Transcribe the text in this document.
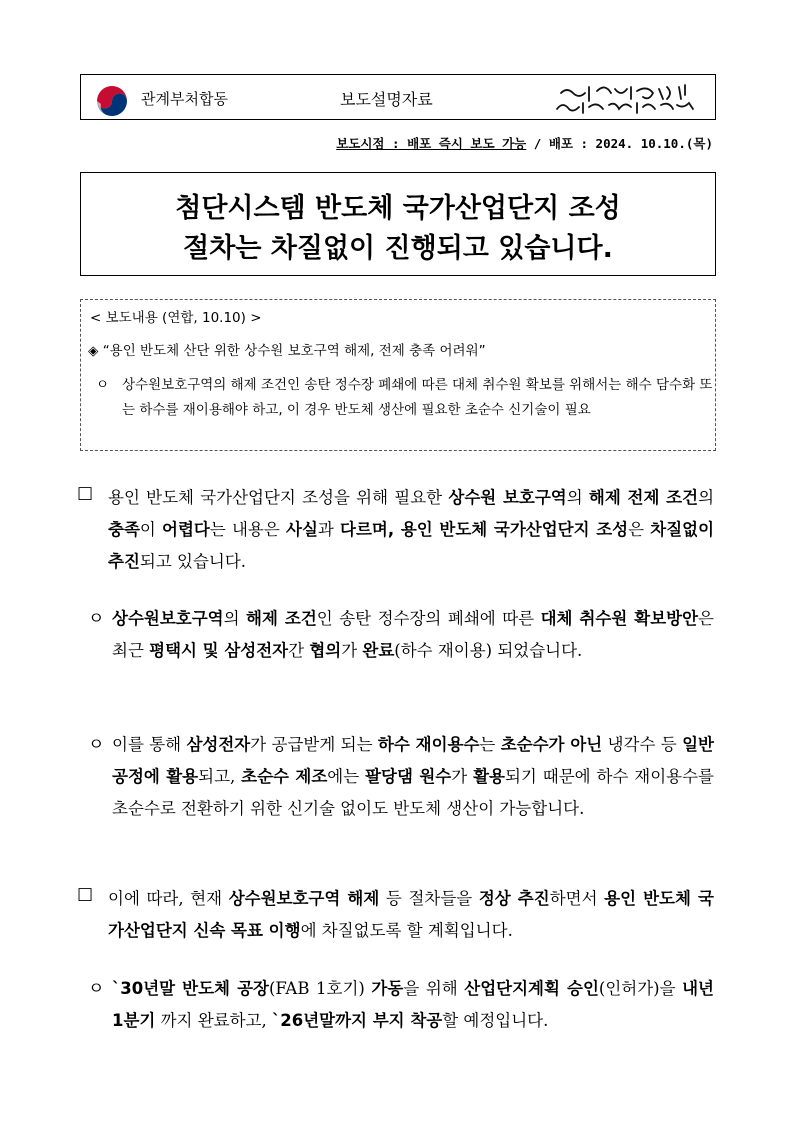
관계부처합동	보도설명자료
보도시점 : 배포 즉시 보도 가능 / 배포 : 2024. 10.10.(목)
첨단시스템 반도체 국가산업단지 조성
절차는 차질없이 진행되고 있습니다.
< 보도내용 (연합, 10.10) >
◈ “용인 반도체 산단 위한 상수원 보호구역 해제, 전제 충족 어려워”
ㅇ 상수원보호구역의 해제 조건인 송탄 정수장 폐쇄에 따른 대체 취수원 확보를 위해서는 해수 담수화 또는 하수를 재이용해야 하고, 이 경우 반도체 생산에 필요한 초순수 신기술이 필요
□ 용인 반도체 국가산업단지 조성을 위해 필요한 상수원 보호구역의 해제 전제 조건의 충족이 어렵다는 내용은 사실과 다르며, 용인 반도체 국가산업단지 조성은 차질없이 추진되고 있습니다.
ㅇ 상수원보호구역의 해제 조건인 송탄 정수장의 폐쇄에 따른 대체 취수원 확보방안은 최근 평택시 및 삼성전자간 협의가 완료(하수 재이용) 되었습니다.
ㅇ 이를 통해 삼성전자가 공급받게 되는 하수 재이용수는 초순수가 아닌 냉각수 등 일반 공정에 활용되고, 초순수 제조에는 팔당댐 원수가 활용되기 때문에 하수 재이용수를 초순수로 전환하기 위한 신기술 없이도 반도체 생산이 가능합니다.
□ 이에 따라, 현재 상수원보호구역 해제 등 절차들을 정상 추진하면서 용인 반도체 국가산업단지 신속 목표 이행에 차질없도록 할 계획입니다.
ㅇ `30년말 반도체 공장(FAB 1호기) 가동을 위해 산업단지계획 승인(인허가)을 내년 1분기 까지 완료하고, `26년말까지 부지 착공할 예정입니다.
